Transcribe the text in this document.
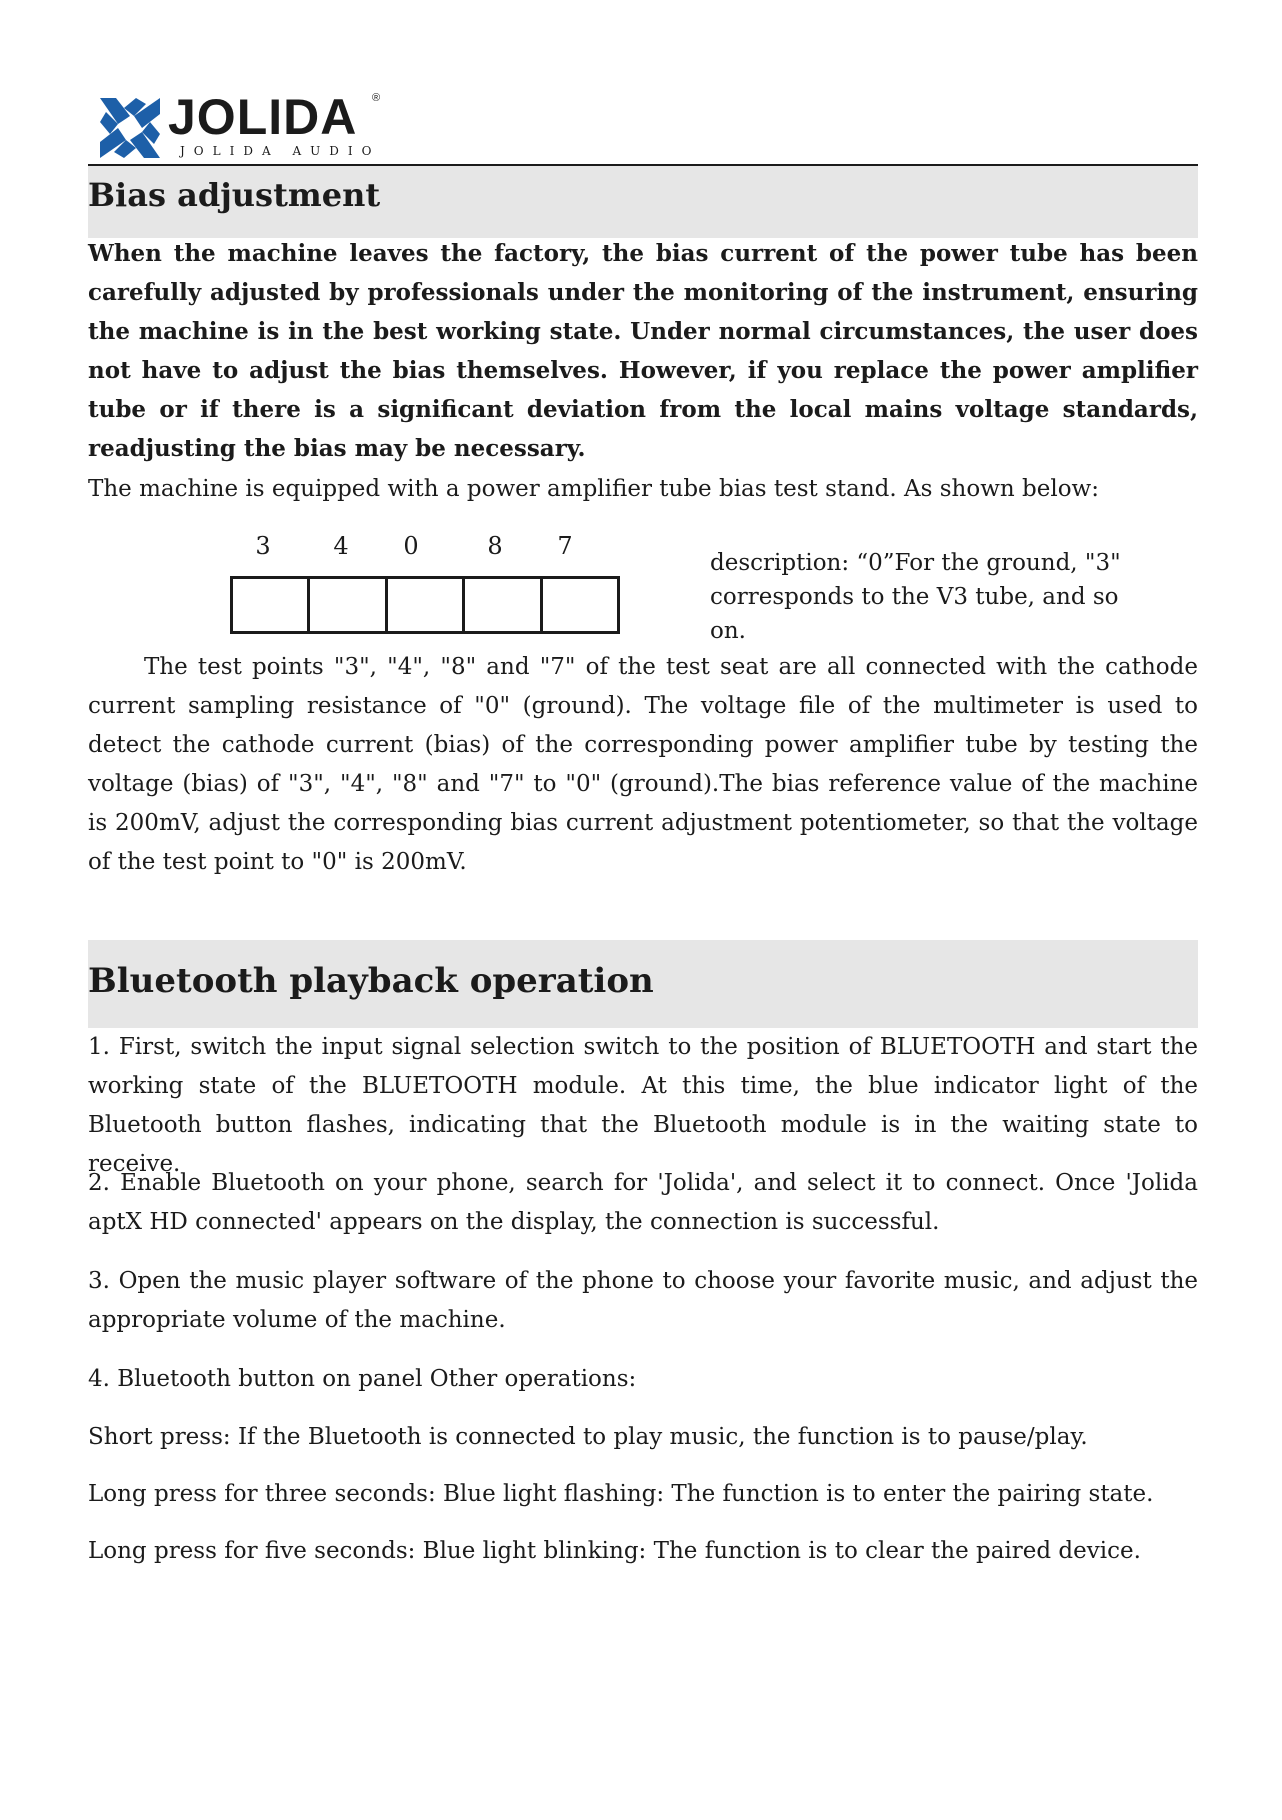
JOLIDA ®
JOLIDA AUDIO
Bias adjustment
When the machine leaves the factory, the bias current of the power tube has been carefully adjusted by professionals under the monitoring of the instrument, ensuring the machine is in the best working state. Under normal circumstances, the user does not have to adjust the bias themselves. However, if you replace the power amplifier tube or if there is a significant deviation from the local mains voltage standards, readjusting the bias may be necessary.
The machine is equipped with a power amplifier tube bias test stand. As shown below:
3	4	0	8	7
description: “0”For the ground, "3" corresponds to the V3 tube, and so on.
The test points "3", "4", "8" and "7" of the test seat are all connected with the cathode current sampling resistance of "0" (ground). The voltage file of the multimeter is used to detect the cathode current (bias) of the corresponding power amplifier tube by testing the voltage (bias) of "3", "4", "8" and "7" to "0" (ground).The bias reference value of the machine is 200mV, adjust the corresponding bias current adjustment potentiometer, so that the voltage of the test point to "0" is 200mV.
Bluetooth playback operation
1. First, switch the input signal selection switch to the position of BLUETOOTH and start the working state of the BLUETOOTH module. At this time, the blue indicator light of the Bluetooth button flashes, indicating that the Bluetooth module is in the waiting state to receive.
2. Enable Bluetooth on your phone, search for 'Jolida', and select it to connect. Once 'Jolida aptX HD connected' appears on the display, the connection is successful.
3. Open the music player software of the phone to choose your favorite music, and adjust the appropriate volume of the machine.
4. Bluetooth button on panel Other operations:
Short press: If the Bluetooth is connected to play music, the function is to pause/play.
Long press for three seconds: Blue light flashing: The function is to enter the pairing state.
Long press for five seconds: Blue light blinking: The function is to clear the paired device.
